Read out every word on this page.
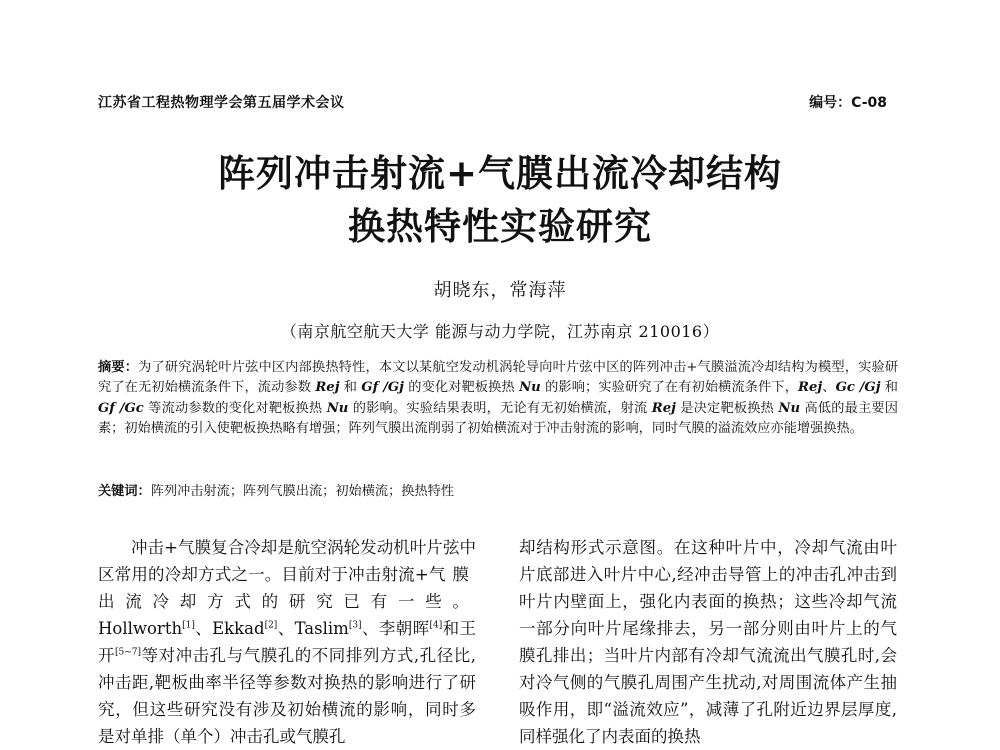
江苏省工程热物理学会第五届学术会议	编号：C-08
阵列冲击射流+气膜出流冷却结构
换热特性实验研究
胡晓东，常海萍
（南京航空航天大学 能源与动力学院，江苏南京 210016）
摘要：为了研究涡轮叶片弦中区内部换热特性，本文以某航空发动机涡轮导向叶片弦中区的阵列冲击+气膜溢流冷却结构为模型，实验研究了在无初始横流条件下，流动参数 Rej 和 Gf /Gj 的变化对靶板换热 Nu 的影响；实验研究了在有初始横流条件下，Rej、Gc /Gj 和 Gf /Gc 等流动参数的变化对靶板换热 Nu 的影响。实验结果表明，无论有无初始横流，射流 Rej 是决定靶板换热 Nu 高低的最主要因素；初始横流的引入使靶板换热略有增强；阵列气膜出流削弱了初始横流对于冲击射流的影响，同时气膜的溢流效应亦能增强换热。
关键词：阵列冲击射流；阵列气膜出流；初始横流；换热特性

冲击+气膜复合冷却是航空涡轮发动机叶片弦中区常用的冷却方式之一。目前对于冲击射流+气膜出流冷却方式的研究已有一些。 Hollworth[1]、Ekkad[2]、Taslim[3]、李朝晖[4]和王开[5~7]等对冲击孔与气膜孔的不同排列方式,孔径比,冲击距,靶板曲率半径等参数对换热的影响进行了研究，但这些研究没有涉及初始横流的影响，同时多是对单排（单个）冲击孔或气膜孔

却结构形式示意图。在这种叶片中，冷却气流由叶片底部进入叶片中心,经冲击导管上的冲击孔冲击到叶片内壁面上，强化内表面的换热；这些冷却气流一部分向叶片尾缘排去，另一部分则由叶片上的气膜孔排出；当叶片内部有冷却气流流出气膜孔时,会对冷气侧的气膜孔周围产生扰动,对周围流体产生抽吸作用，即“溢流效应”，减薄了孔附近边界层厚度,同样强化了内表面的换热
